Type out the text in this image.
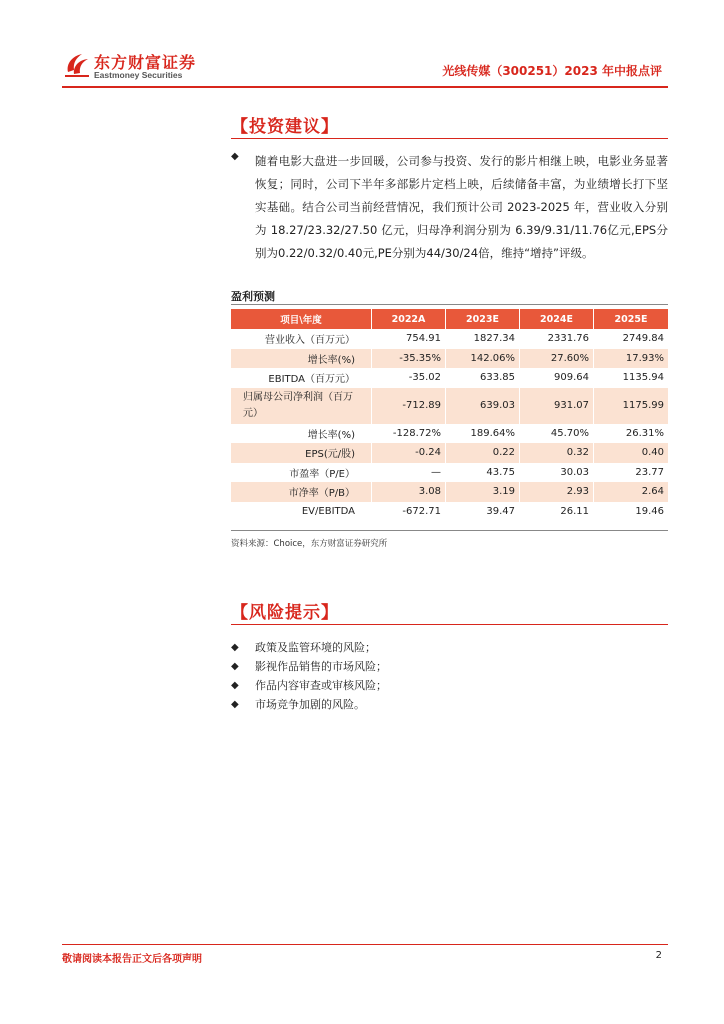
东方财富证券
Eastmoney Securities	光线传媒（300251）2023 年中报点评
【投资建议】
◆ 随着电影大盘进一步回暖，公司参与投资、发行的影片相继上映，电影业务显著恢复；同时，公司下半年多部影片定档上映，后续储备丰富，为业绩增长打下坚实基础。结合公司当前经营情况，我们预计公司 2023-2025 年，营业收入分别为 18.27/23.32/27.50 亿元，归母净利润分别为 6.39/9.31/11.76亿元,EPS分别为0.22/0.32/0.40元,PE分别为44/30/24倍，维持“增持”评级。

盈利预测
项目\年度	2022A	2023E	2024E	2025E
营业收入（百万元）	754.91	1827.34	2331.76	2749.84
增长率(%)	-35.35%	142.06%	27.60%	17.93%
EBITDA（百万元）	-35.02	633.85	909.64	1135.94
归属母公司净利润（百万元）	-712.89	639.03	931.07	1175.99
增长率(%)	-128.72%	189.64%	45.70%	26.31%
EPS(元/股)	-0.24	0.22	0.32	0.40
市盈率（P/E）	—	43.75	30.03	23.77
市净率（P/B）	3.08	3.19	2.93	2.64
EV/EBITDA	-672.71	39.47	26.11	19.46
资料来源：Choice，东方财富证券研究所
【风险提示】
◆ 政策及监管环境的风险；
◆ 影视作品销售的市场风险；
◆ 作品内容审查或审核风险；
◆ 市场竞争加剧的风险。
敬请阅读本报告正文后各项声明	2
